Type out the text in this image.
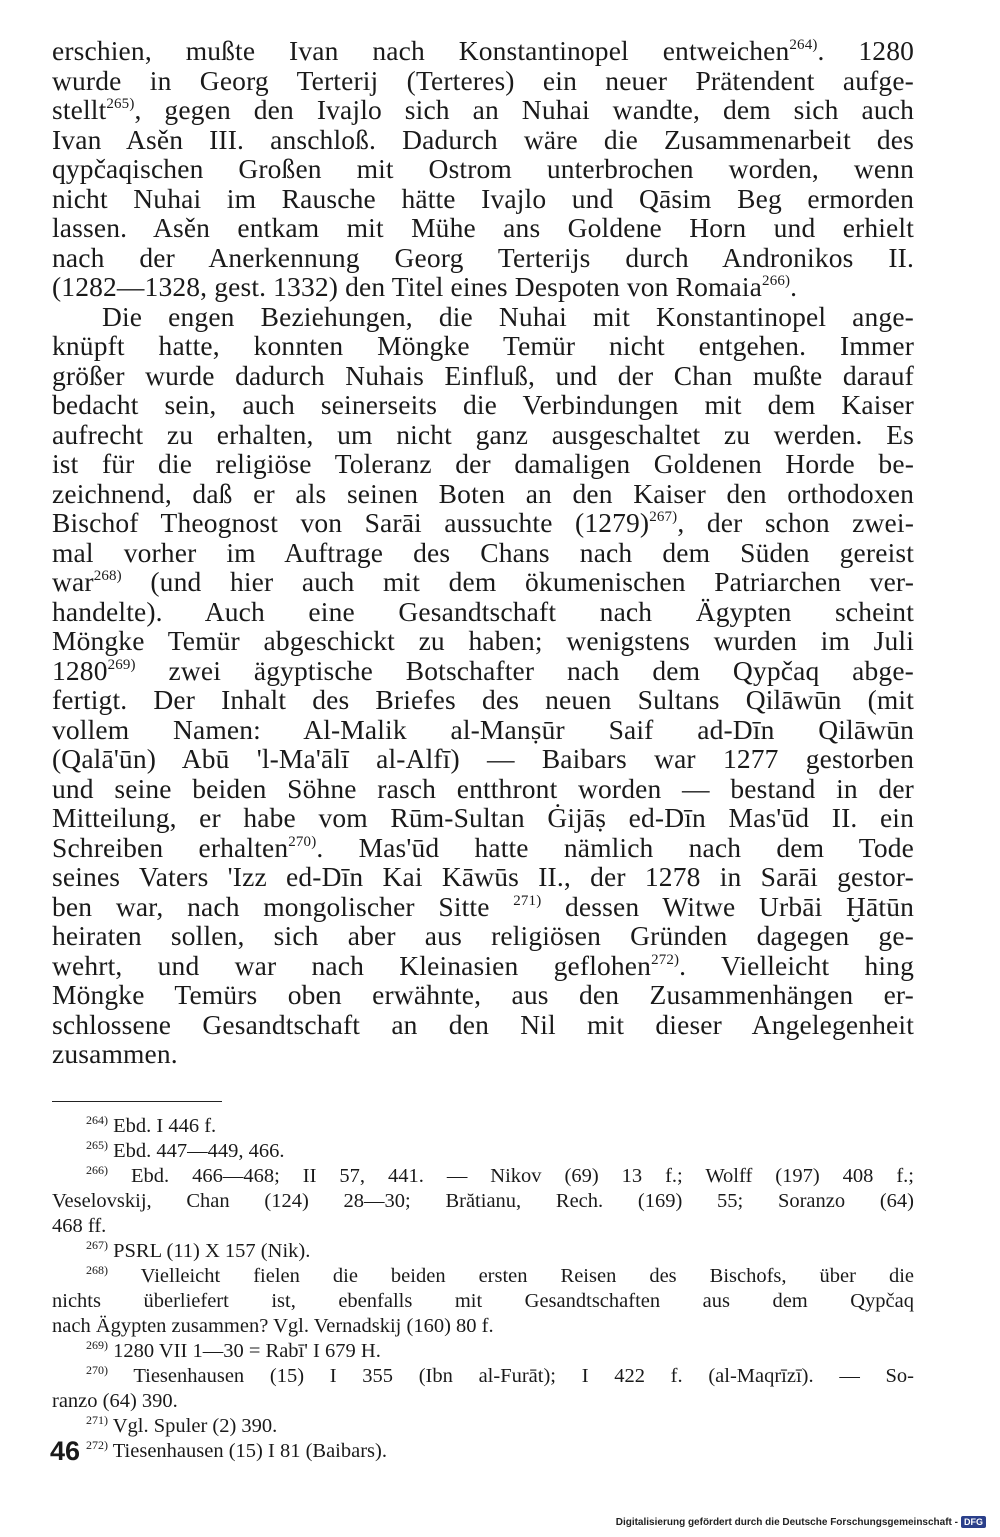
erschien, mußte Ivan nach Konstantinopel entweichen$^{264)}$. 1280
wurde in Georg Terterij (Terteres) ein neuer Prätendent aufge-
stellt$^{265)}$, gegen den Ivajlo sich an Nuhai wandte, dem sich auch
Ivan Asěn III. anschloß. Dadurch wäre die Zusammenarbeit des
qypčaqischen Großen mit Ostrom unterbrochen worden, wenn
nicht Nuhai im Rausche hätte Ivajlo und Qāsim Beg ermorden
lassen. Asěn entkam mit Mühe ans Goldene Horn und erhielt
nach der Anerkennung Georg Terterijs durch Andronikos II.
(1282—1328, gest. 1332) den Titel eines Despoten von Romaia$^{266)}$.
Die engen Beziehungen, die Nuhai mit Konstantinopel ange-
knüpft hatte, konnten Möngke Temür nicht entgehen. Immer
größer wurde dadurch Nuhais Einfluß, und der Chan mußte darauf
bedacht sein, auch seinerseits die Verbindungen mit dem Kaiser
aufrecht zu erhalten, um nicht ganz ausgeschaltet zu werden. Es
ist für die religiöse Toleranz der damaligen Goldenen Horde be-
zeichnend, daß er als seinen Boten an den Kaiser den orthodoxen
Bischof Theognost von Sarāi aussuchte $(1279)^{267)}$, der schon zwei-
mal vorher im Auftrage des Chans nach dem Süden gereist
war$^{268)}$ (und hier auch mit dem ökumenischen Patriarchen ver-
handelte). Auch eine Gesandtschaft nach Ägypten scheint
Möngke Temür abgeschickt zu haben; wenigstens wurden im Juli
1280$^{269)}$ zwei ägyptische Botschafter nach dem Qypčaq abge-
fertigt. Der Inhalt des Briefes des neuen Sultans Qilāwūn (mit
vollem Namen: Al-Malik al-Manṣūr Saif ad-Dīn Qilāwūn
(Qalā'ūn) Abū 'l-Ma'ālī al-Alfī) — Baibars war 1277 gestorben
und seine beiden Söhne rasch entthront worden — bestand in der
Mitteilung, er habe vom Rūm-Sultan Ġijāṣ ed-Dīn Mas'ūd II. ein
Schreiben erhalten$^{270)}$. Mas'ūd hatte nämlich nach dem Tode
seines Vaters 'Izz ed-Dīn Kai Kāwūs II., der 1278 in Sarāi gestor-
ben war, nach mongolischer Sitte $^{271)}$ dessen Witwe Urbāi Ḫātūn
heiraten sollen, sich aber aus religiösen Gründen dagegen ge-
wehrt, und war nach Kleinasien geflohen$^{272)}$. Vielleicht hing
Möngke Temürs oben erwähnte, aus den Zusammenhängen er-
schlossene Gesandtschaft an den Nil mit dieser Angelegenheit
zusammen.
$^{264)}$ Ebd. I 446 f.
$^{265)}$ Ebd. 447—449, 466.
$^{266)}$ Ebd. 466—468; II 57, 441. — Nikov (69) 13 f.; Wolff (197) 408 f.;
Veselovskij, Chan (124) 28—30; Brătianu, Rech. (169) 55; Soranzo (64)
468 ff.
$^{267)}$ PSRL (11) X 157 (Nik).
$^{268)}$ Vielleicht fielen die beiden ersten Reisen des Bischofs, über die
nichts überliefert ist, ebenfalls mit Gesandtschaften aus dem Qypčaq
nach Ägypten zusammen? Vgl. Vernadskij (160) 80 f.
$^{269)}$ 1280 VII 1—30 = Rabī' I 679 H.
$^{270)}$ Tiesenhausen (15) I 355 (Ibn al-Furāt); I 422 f. (al-Maqrīzī). — So-
ranzo (64) 390.
$^{271)}$ Vgl. Spuler (2) 390.
$^{272)}$ Tiesenhausen (15) I 81 (Baibars).
46
Digitalisierung gefördert durch die Deutsche Forschungsgemeinschaft - DFG
